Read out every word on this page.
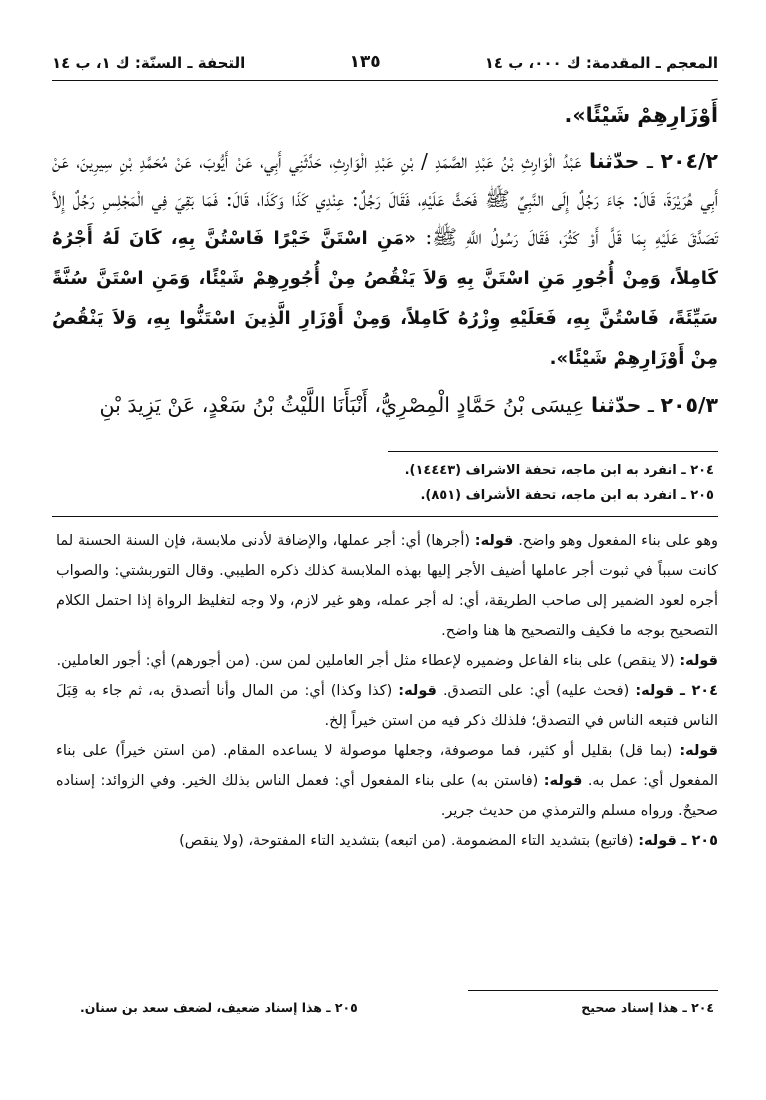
المعجم ـ المقدمة: ك ٠٠٠، ب ١٤
١٣٥
التحفة ـ السنّة: ك ١، ب ١٤

أَوْزَارِهِمْ شَيْئًا».

٢٠٤/٢ ـ حدّثنا عَبْدُ الْوَارِثِ بْنُ عَبْدِ الصَّمَدِ / بْنِ عَبْدِ الْوَارِثِ، حَدَّثَنِي أَبِي، عَنْ أَيُّوبَ، عَنْ مُحَمَّدِ بْنِ سِيرِينَ، عَنْ أَبِي هُرَيْرَةَ، قَالَ: جَاءَ رَجُلٌ إِلَى النَّبِيِّ ﷺ فَحَثَّ عَلَيْهِ، فَقَالَ رَجُلٌ: عِنْدِي كَذَا وَكَذَا، قَالَ: فَمَا بَقِيَ فِي الْمَجْلِسِ رَجُلٌ إِلاَّ تَصَدَّقَ عَلَيْهِ بِمَا قَلَّ أَوْ كَثُرَ، فَقَالَ رَسُولُ اللَّهِ ﷺ: «مَنِ اسْتَنَّ خَيْرًا فَاسْتُنَّ بِهِ، كَانَ لَهُ أَجْرُهُ كَامِلاً، وَمِنْ أُجُورِ مَنِ اسْتَنَّ بِهِ وَلاَ يَنْقُصُ مِنْ أُجُورِهِمْ شَيْئًا، وَمَنِ اسْتَنَّ سُنَّةً سَيِّئَةً، فَاسْتُنَّ بِهِ، فَعَلَيْهِ وِزْرُهُ كَامِلاً، وَمِنْ أَوْزَارِ الَّذِينَ اسْتَنُّوا بِهِ، وَلاَ يَنْقُصُ مِنْ أَوْزَارِهِمْ شَيْئًا».

٢٠٥/٣ ـ حدّثنا عِيسَى بْنُ حَمَّادٍ الْمِصْرِيُّ، أَنْبَأَنَا اللَّيْثُ بْنُ سَعْدٍ، عَنْ يَزِيدَ بْنِ

٢٠٤ ـ انفرد به ابن ماجه، تحفة الاشراف (١٤٤٤٣).
٢٠٥ ـ انفرد به ابن ماجه، تحفة الأشراف (٨٥١).

وهو على بناء المفعول وهو واضح. قوله: (أجرها) أي: أجر عملها، والإضافة لأدنى ملابسة، فإن السنة الحسنة لما كانت سبباً في ثبوت أجر عاملها أضيف الأجر إليها بهذه الملابسة كذلك ذكره الطيبي. وقال التوربشتي: والصواب أجره لعود الضمير إلى صاحب الطريقة، أي: له أجر عمله، وهو غير لازم، ولا وجه لتغليظ الرواة إذا احتمل الكلام التصحيح بوجه ما فكيف والتصحيح ها هنا واضح.

قوله: (لا ينقص) على بناء الفاعل وضميره لإعطاء مثل أجر العاملين لمن سن. (من أجورهم) أي: أجور العاملين.

٢٠٤ ـ قوله: (فحث عليه) أي: على التصدق. قوله: (كذا وكذا) أي: من المال وأنا أتصدق به، ثم جاء به قِبَلَ الناس فتبعه الناس في التصدق؛ فلذلك ذكر فيه من استن خيراً إلخ.

قوله: (بما قل) بقليل أو كثير، فما موصوفة، وجعلها موصولة لا يساعده المقام. (من استن خيراً) على بناء المفعول أي: عمل به. قوله: (فاستن به) على بناء المفعول أي: فعمل الناس بذلك الخير. وفي الزوائد: إسناده صحيحٌ. ورواه مسلم والترمذي من حديث جرير.

٢٠٥ ـ قوله: (فاتبع) بتشديد التاء المضمومة. (من اتبعه) بتشديد التاء المفتوحة، (ولا ينقص)

٢٠٤ ـ هذا إسناد صحيح
٢٠٥ ـ هذا إسناد ضعيف، لضعف سعد بن سنان.
